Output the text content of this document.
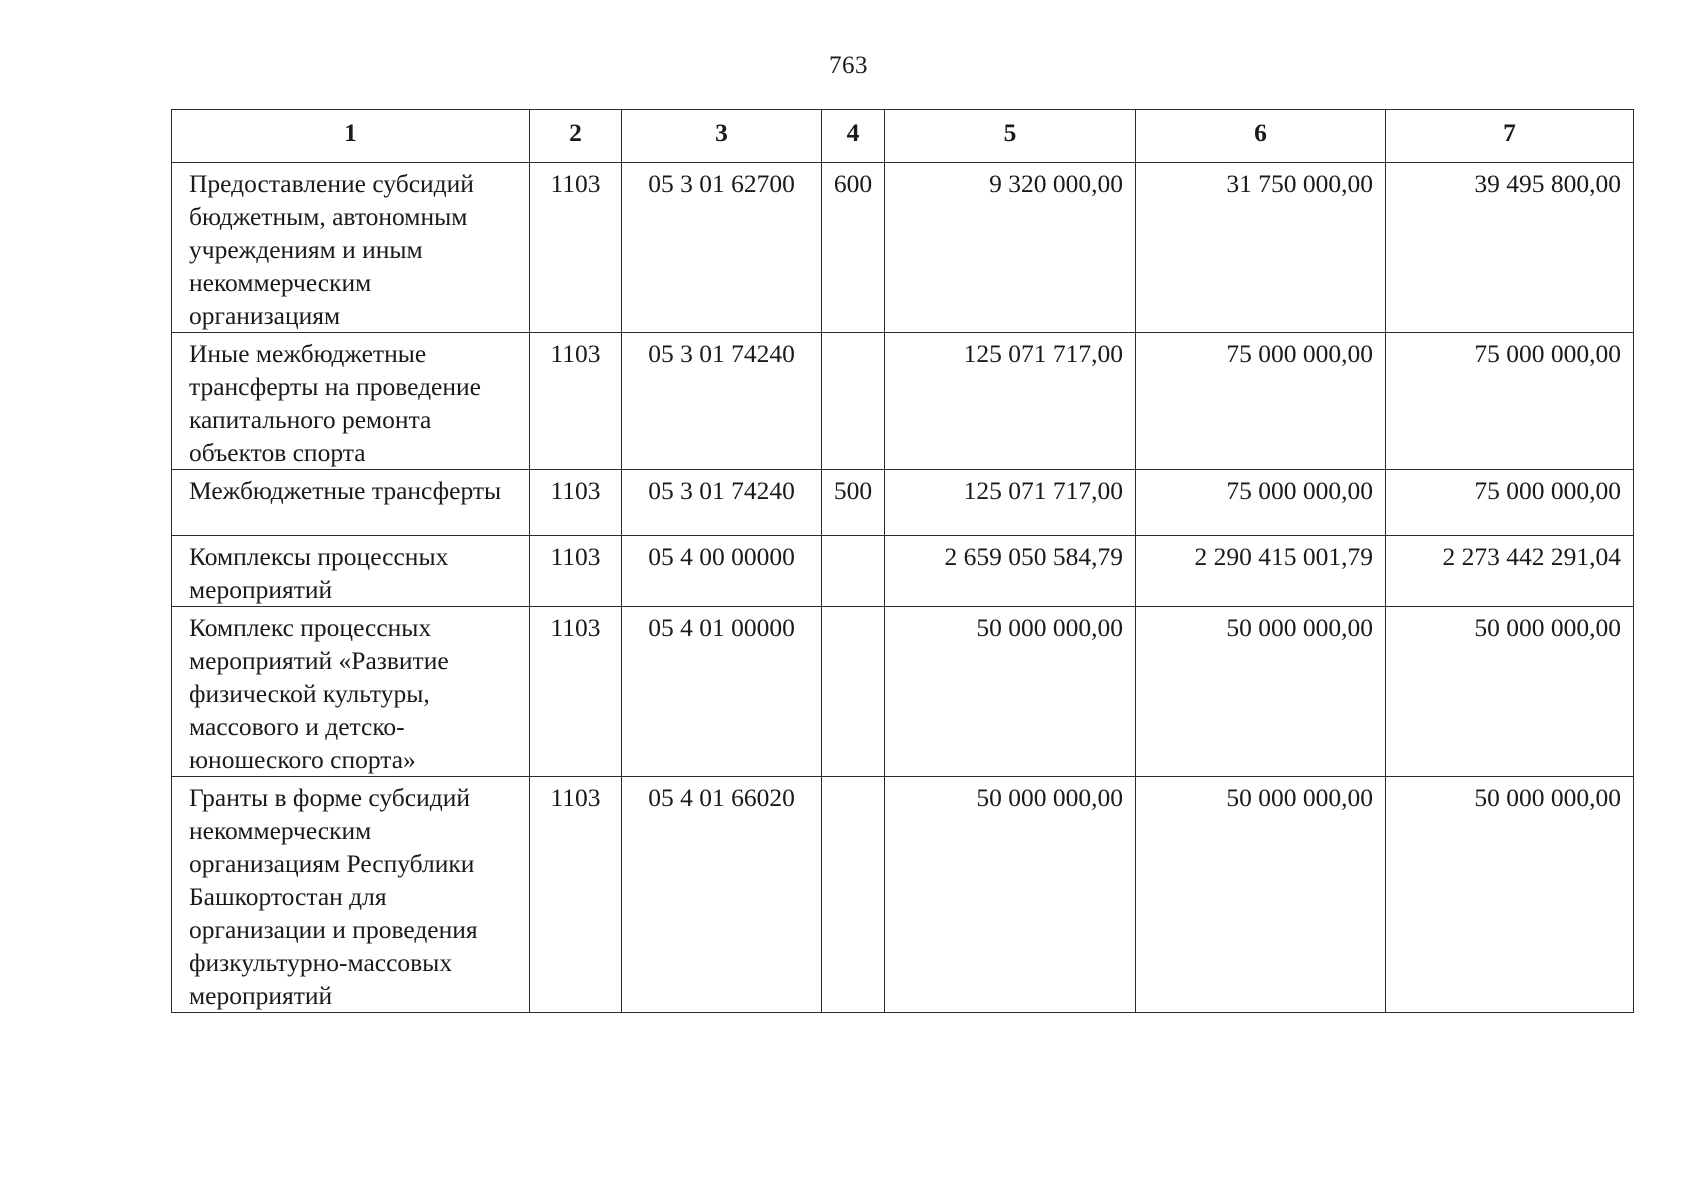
763
1	2	3	4	5	6	7
Предоставление субсидий бюджетным, автономным учреждениям и иным некоммерческим организациям	1103	05 3 01 62700	600	9 320 000,00	31 750 000,00	39 495 800,00
Иные межбюджетные трансферты на проведение капитального ремонта объектов спорта	1103	05 3 01 74240		125 071 717,00	75 000 000,00	75 000 000,00
Межбюджетные трансферты	1103	05 3 01 74240	500	125 071 717,00	75 000 000,00	75 000 000,00
Комплексы процессных мероприятий	1103	05 4 00 00000		2 659 050 584,79	2 290 415 001,79	2 273 442 291,04
Комплекс процессных мероприятий «Развитие физической культуры, массового и детско-юношеского спорта»	1103	05 4 01 00000		50 000 000,00	50 000 000,00	50 000 000,00
Гранты в форме субсидий некоммерческим организациям Республики Башкортостан для организации и проведения физкультурно-массовых мероприятий	1103	05 4 01 66020		50 000 000,00	50 000 000,00	50 000 000,00
